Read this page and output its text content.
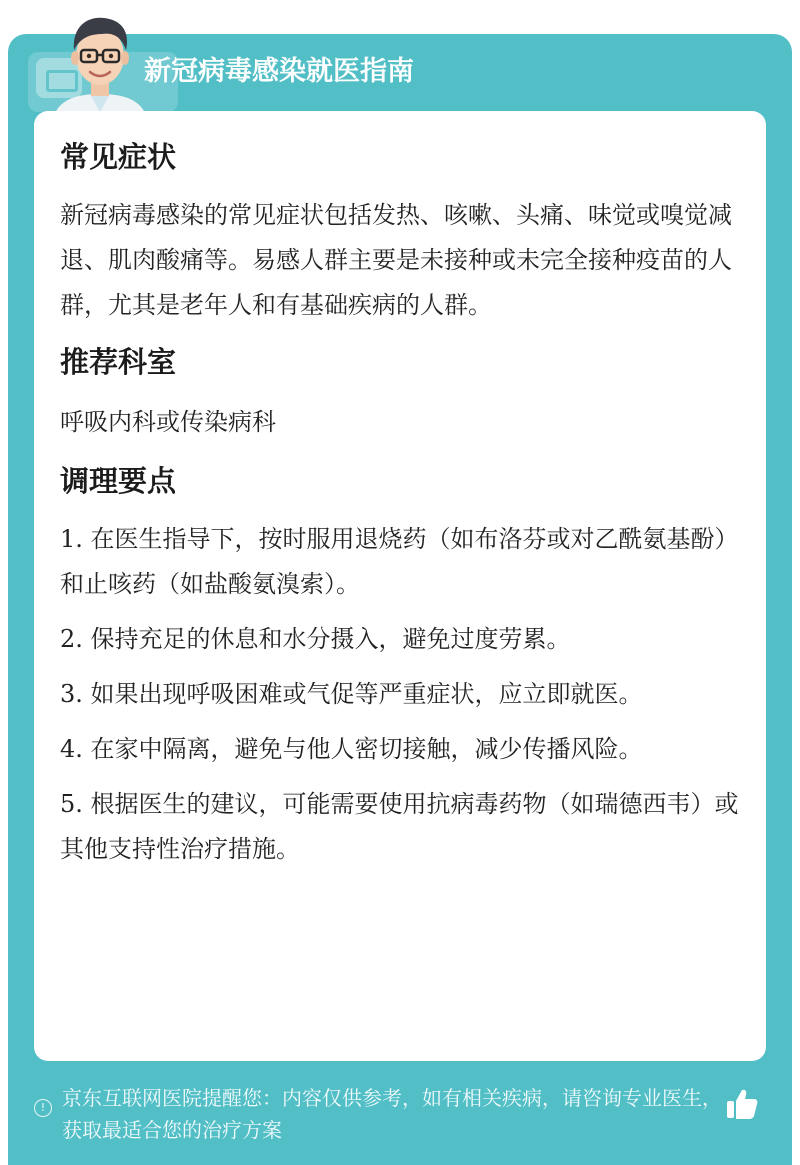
新冠病毒感染就医指南
常见症状

新冠病毒感染的常见症状包括发热、咳嗽、头痛、味觉或嗅觉减退、肌肉酸痛等。易感人群主要是未接种或未完全接种疫苗的人群，尤其是老年人和有基础疾病的人群。

推荐科室

呼吸内科或传染病科

调理要点
1. 在医生指导下，按时服用退烧药（如布洛芬或对乙酰氨基酚）和止咳药（如盐酸氨溴索）。
2. 保持充足的休息和水分摄入，避免过度劳累。
3. 如果出现呼吸困难或气促等严重症状，应立即就医。
4. 在家中隔离，避免与他人密切接触，减少传播风险。
5. 根据医生的建议，可能需要使用抗病毒药物（如瑞德西韦）或其他支持性治疗措施。
! 京东互联网医院提醒您：内容仅供参考，如有相关疾病，请咨询专业医生，获取最适合您的治疗方案
